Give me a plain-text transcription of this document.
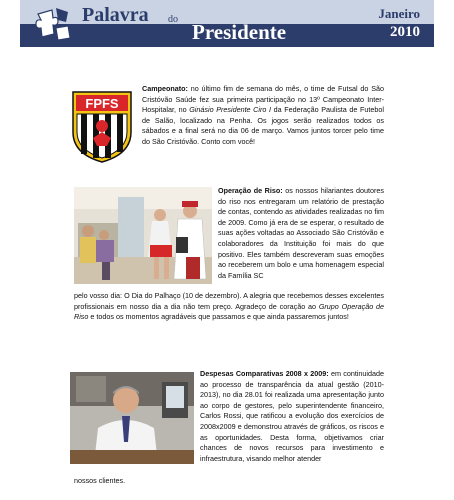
Palavra do
Presidente
Janeiro
2010
FPFS
Campeonato: no último fim de semana do mês, o time de Futsal do São Cristóvão Saúde fez sua primeira participação no 13º Campeonato Inter-Hospitalar, no Ginásio Presidente Ciro I da Federação Paulista de Futebol de Salão, localizado na Penha. Os jogos serão realizados todos os sábados e a final será no dia 06 de março. Vamos juntos torcer pelo time do São Cristóvão. Conto com você!
Operação de Riso: os nossos hilariantes doutores do riso nos entregaram um relatório de prestação de contas, contendo as atividades realizadas no fim de 2009. Como já era de se esperar, o resultado de suas ações voltadas ao Associado São Cristóvão e colaboradores da Instituição foi mais do que positivo. Eles também descreveram suas emoções ao receberem um bolo e uma homenagem especial da Família SC
pelo vosso dia: O Dia do Palhaço (10 de dezembro). A alegria que recebemos desses excelentes profissionais em nosso dia a dia não tem preço. Agradeço de coração ao Grupo Operação de Riso e todos os momentos agradáveis que passamos e que ainda passaremos juntos!
Despesas Comparativas 2008 x 2009: em continuidade ao processo de transparência da atual gestão (2010-2013), no dia 28.01 foi realizada uma apresentação junto ao corpo de gestores, pelo superintendente financeiro, Carlos Rossi, que ratificou a evolução dos exercícios de 2008x2009 e demonstrou através de gráficos, os riscos e as oportunidades. Desta forma, objetivamos criar chances de novos recursos para investimento e infraestrutura, visando melhor atender
nossos clientes.
